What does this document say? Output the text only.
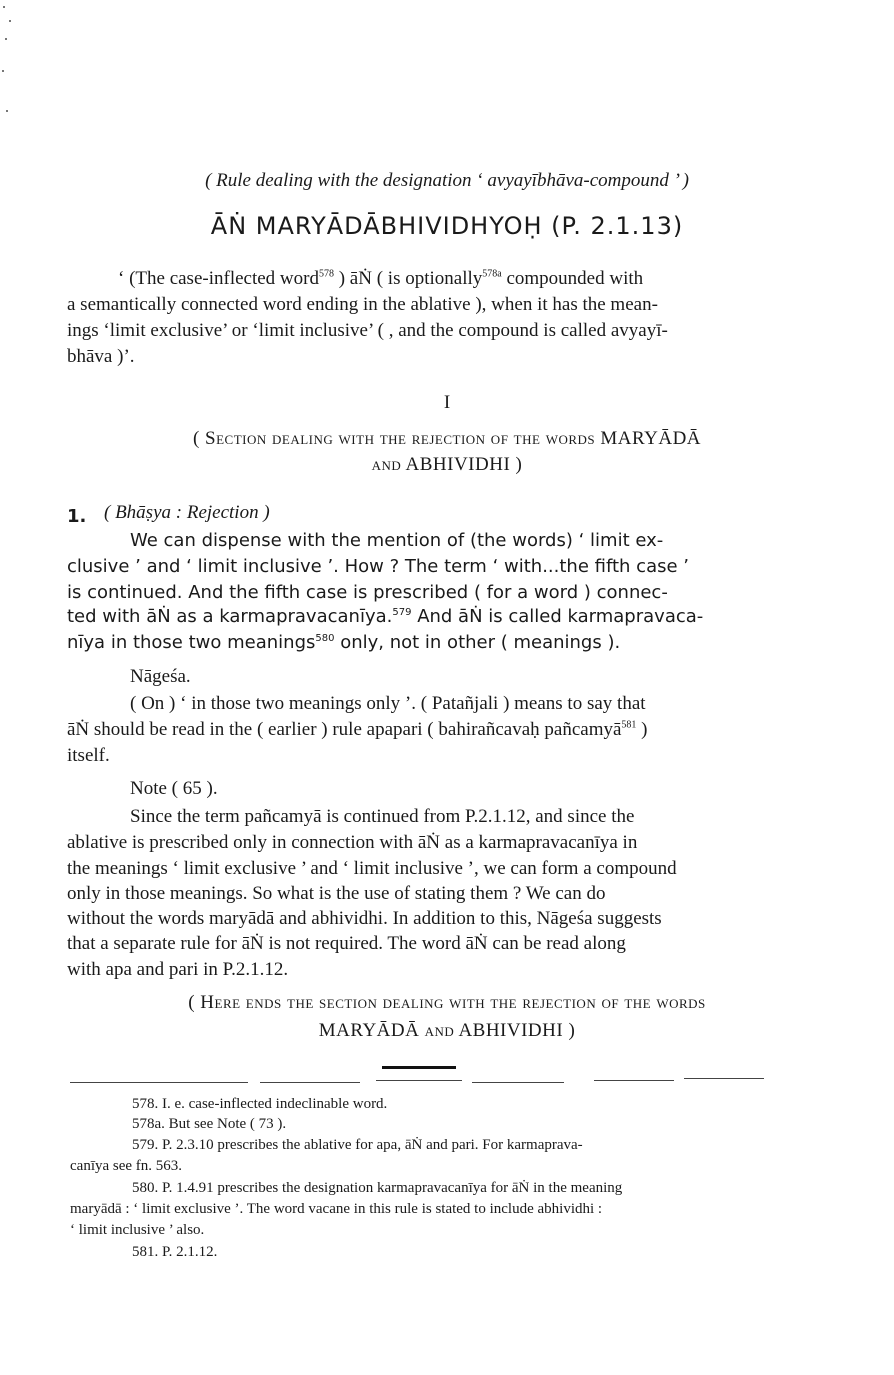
( Rule dealing with the designation ‘ avyayībhāva-compound ’ )
ĀṄ MARYĀDĀBHIVIDHYOḤ (P. 2.1.13)
‘ (The case-inflected word$^{578}$ ) āṄ ( is optionally$^{578a}$ compounded with
a semantically connected word ending in the ablative ), when it has the mean-
ings ‘limit exclusive’ or ‘limit inclusive’ ( , and the compound is called avyayī-
bhāva )’.
I
( Section dealing with the rejection of the words MARYĀDĀ
and ABHIVIDHI )
1. ( Bhāṣya : Rejection )
We can dispense with the mention of (the words) ‘ limit ex-
clusive ’ and ‘ limit inclusive ’. How ? The term ‘ with...the fifth case ’
is continued. And the fifth case is prescribed ( for a word ) connec-
ted with āṄ as a karmapravacanīya.$^{579}$ And āṄ is called karmapravaca-
nīya in those two meanings$^{580}$ only, not in other ( meanings ).
Nāgeśa.
( On ) ‘ in those two meanings only ’. ( Patañjali ) means to say that
āṄ should be read in the ( earlier ) rule apapari ( bahirañcavaḥ pañcamyā$^{581}$ )
itself.
Note ( 65 ).
Since the term pañcamyā is continued from P.2.1.12, and since the
ablative is prescribed only in connection with āṄ as a karmapravacanīya in
the meanings ‘ limit exclusive ’ and ‘ limit inclusive ’, we can form a compound
only in those meanings. So what is the use of stating them ? We can do
without the words maryādā and abhividhi. In addition to this, Nāgeśa suggests
that a separate rule for āṄ is not required. The word āṄ can be read along
with apa and pari in P.2.1.12.
( Here ends the section dealing with the rejection of the words
MARYĀDĀ and ABHIVIDHI )
578. I. e. case-inflected indeclinable word.
578a. But see Note ( 73 ).
579. P. 2.3.10 prescribes the ablative for apa, āṄ and pari. For karmaprava-
canīya see fn. 563.
580. P. 1.4.91 prescribes the designation karmapravacanīya for āṄ in the meaning
maryādā : ‘ limit exclusive ’. The word vacane in this rule is stated to include abhividhi :
‘ limit inclusive ’ also.
581. P. 2.1.12.
